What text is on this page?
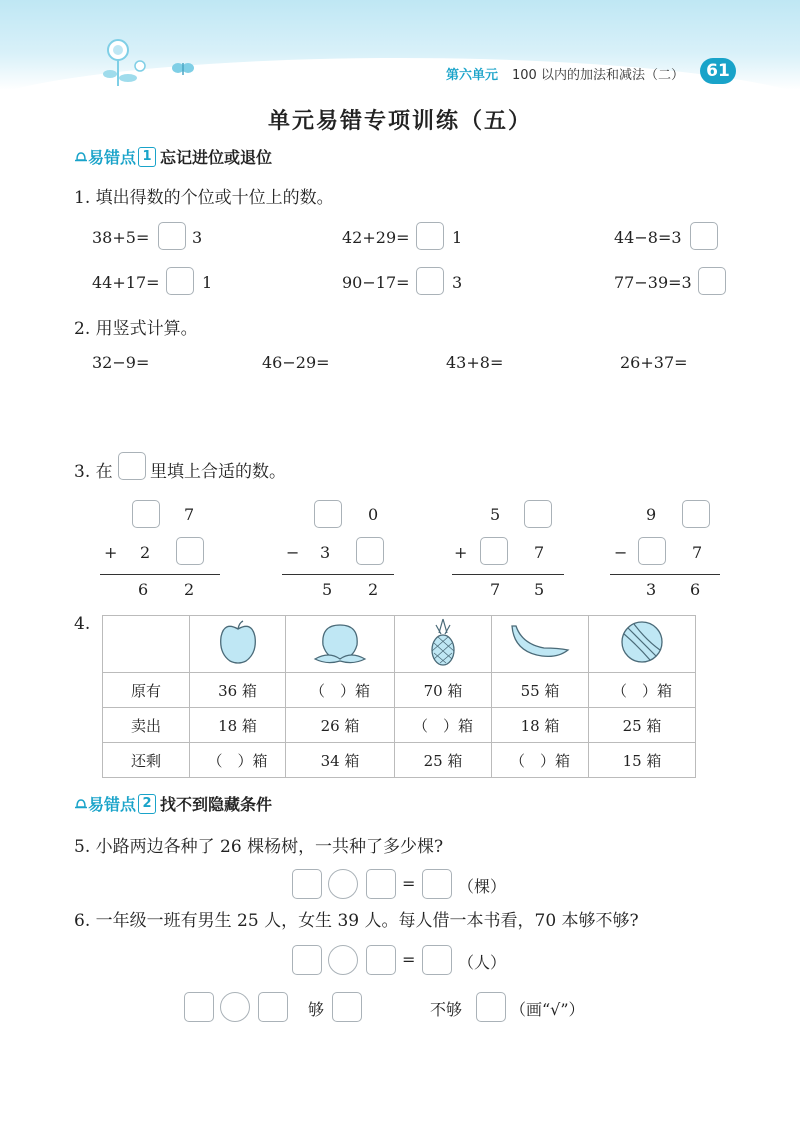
第六单元 100 以内的加法和减法（二）	61
单元易错专项训练（五）
易错点 1 忘记进位或退位
1. 填出得数的个位或十位上的数。
38+5=	3	42+29=	1	44−8=3
44+17=	1	90−17=	3	77−39=3
2. 用竖式计算。
32−9=	46−29=	43+8=	26+37=
3. 在 里填上合适的数。
7
+ 2
6 2
0
− 3
5 2
5
+	7
7 5
9
−	7
3 6
4.

原有	36 箱	（　）箱	70 箱	55 箱	（　）箱
卖出	18 箱	26 箱	（　）箱	18 箱	25 箱
还剩	（　）箱	34 箱	25 箱	（　）箱	15 箱
易错点 2 找不到隐藏条件
5. 小路两边各种了 26 棵杨树，一共种了多少棵?
=	（棵）
6. 一年级一班有男生 25 人，女生 39 人。每人借一本书看，70 本够不够?
=	（人）
够	不够	（画“√”）
